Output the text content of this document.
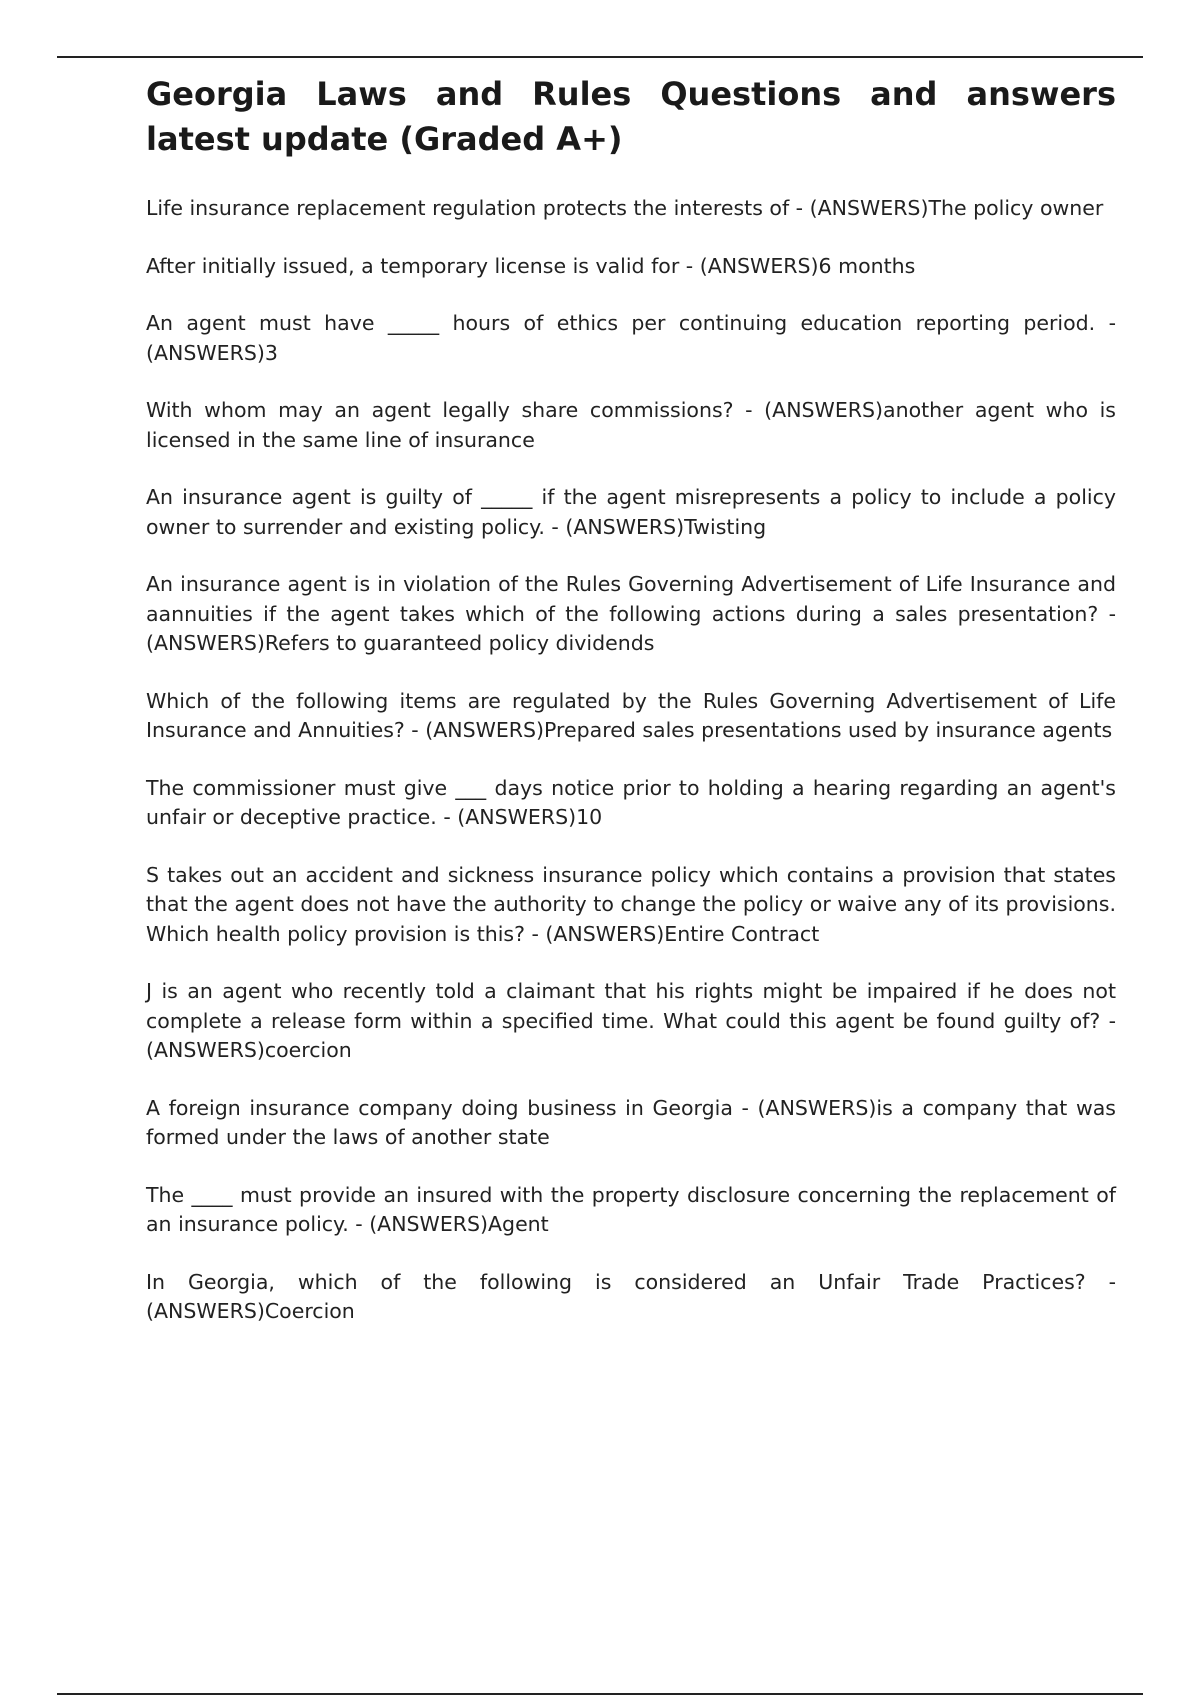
Georgia Laws and Rules Questions and answers latest update (Graded A+)
Life insurance replacement regulation protects the interests of - (ANSWERS)The policy owner
After initially issued, a temporary license is valid for - (ANSWERS)6 months
An agent must have _____ hours of ethics per continuing education reporting period. - (ANSWERS)3
With whom may an agent legally share commissions? - (ANSWERS)another agent who is licensed in the same line of insurance
An insurance agent is guilty of _____ if the agent misrepresents a policy to include a policy owner to surrender and existing policy. - (ANSWERS)Twisting
An insurance agent is in violation of the Rules Governing Advertisement of Life Insurance and aannuities if the agent takes which of the following actions during a sales presentation? - (ANSWERS)Refers to guaranteed policy dividends
Which of the following items are regulated by the Rules Governing Advertisement of Life Insurance and Annuities? - (ANSWERS)Prepared sales presentations used by insurance agents
The commissioner must give ___ days notice prior to holding a hearing regarding an agent's unfair or deceptive practice. - (ANSWERS)10
S takes out an accident and sickness insurance policy which contains a provision that states that the agent does not have the authority to change the policy or waive any of its provisions. Which health policy provision is this? - (ANSWERS)Entire Contract
J is an agent who recently told a claimant that his rights might be impaired if he does not complete a release form within a specified time. What could this agent be found guilty of? - (ANSWERS)coercion
A foreign insurance company doing business in Georgia - (ANSWERS)is a company that was formed under the laws of another state
The ____ must provide an insured with the property disclosure concerning the replacement of an insurance policy. - (ANSWERS)Agent
In Georgia, which of the following is considered an Unfair Trade Practices? - (ANSWERS)Coercion
